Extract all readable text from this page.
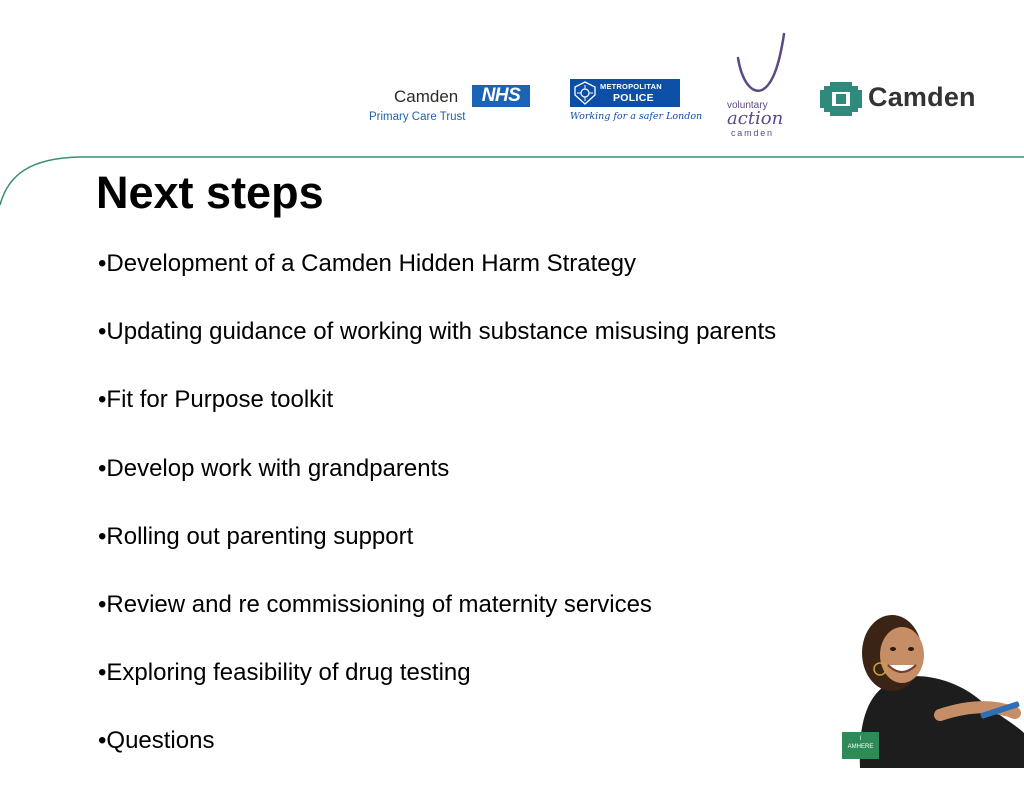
Camden	NHS
Primary Care Trust
METROPOLITAN
POLICE
Working for a safer London
voluntary
action
camden
Camden
Next steps
•Development of a Camden Hidden Harm Strategy
•Updating guidance of working with substance misusing parents
•Fit for Purpose toolkit
•Develop work with grandparents
•Rolling out parenting support
•Review and re commissioning of maternity services
•Exploring feasibility of drug testing
•Questions	I
AMHERE
